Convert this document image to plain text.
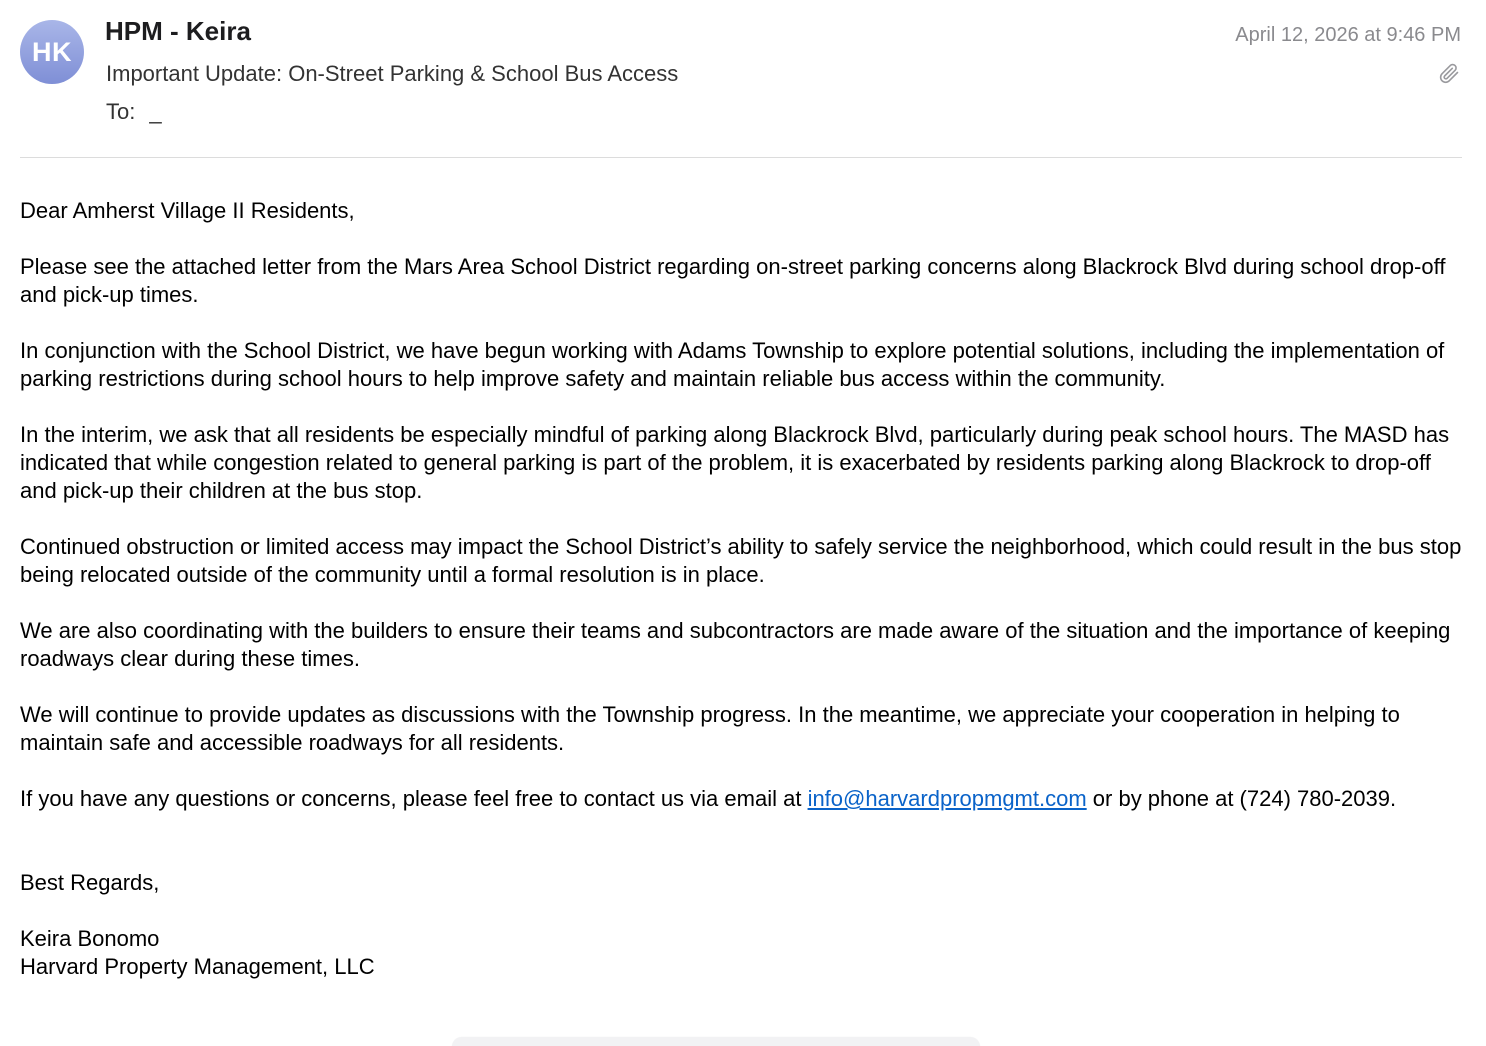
HK
HPM - Keira
Important Update: On-Street Parking & School Bus Access
To: _
April 12, 2026 at 9:46 PM

Dear Amherst Village II Residents,

Please see the attached letter from the Mars Area School District regarding on-street parking concerns along Blackrock Blvd during school drop-off and pick-up times.

In conjunction with the School District, we have begun working with Adams Township to explore potential solutions, including the implementation of parking restrictions during school hours to help improve safety and maintain reliable bus access within the community.

In the interim, we ask that all residents be especially mindful of parking along Blackrock Blvd, particularly during peak school hours. The MASD has indicated that while congestion related to general parking is part of the problem, it is exacerbated by residents parking along Blackrock to drop-off and pick-up their children at the bus stop.

Continued obstruction or limited access may impact the School District’s ability to safely service the neighborhood, which could result in the bus stop being relocated outside of the community until a formal resolution is in place.

We are also coordinating with the builders to ensure their teams and subcontractors are made aware of the situation and the importance of keeping roadways clear during these times.

We will continue to provide updates as discussions with the Township progress. In the meantime, we appreciate your cooperation in helping to maintain safe and accessible roadways for all residents.

If you have any questions or concerns, please feel free to contact us via email at info@harvardpropmgmt.com or by phone at (724) 780-2039.

Best Regards,

Keira Bonomo

Harvard Property Management, LLC
